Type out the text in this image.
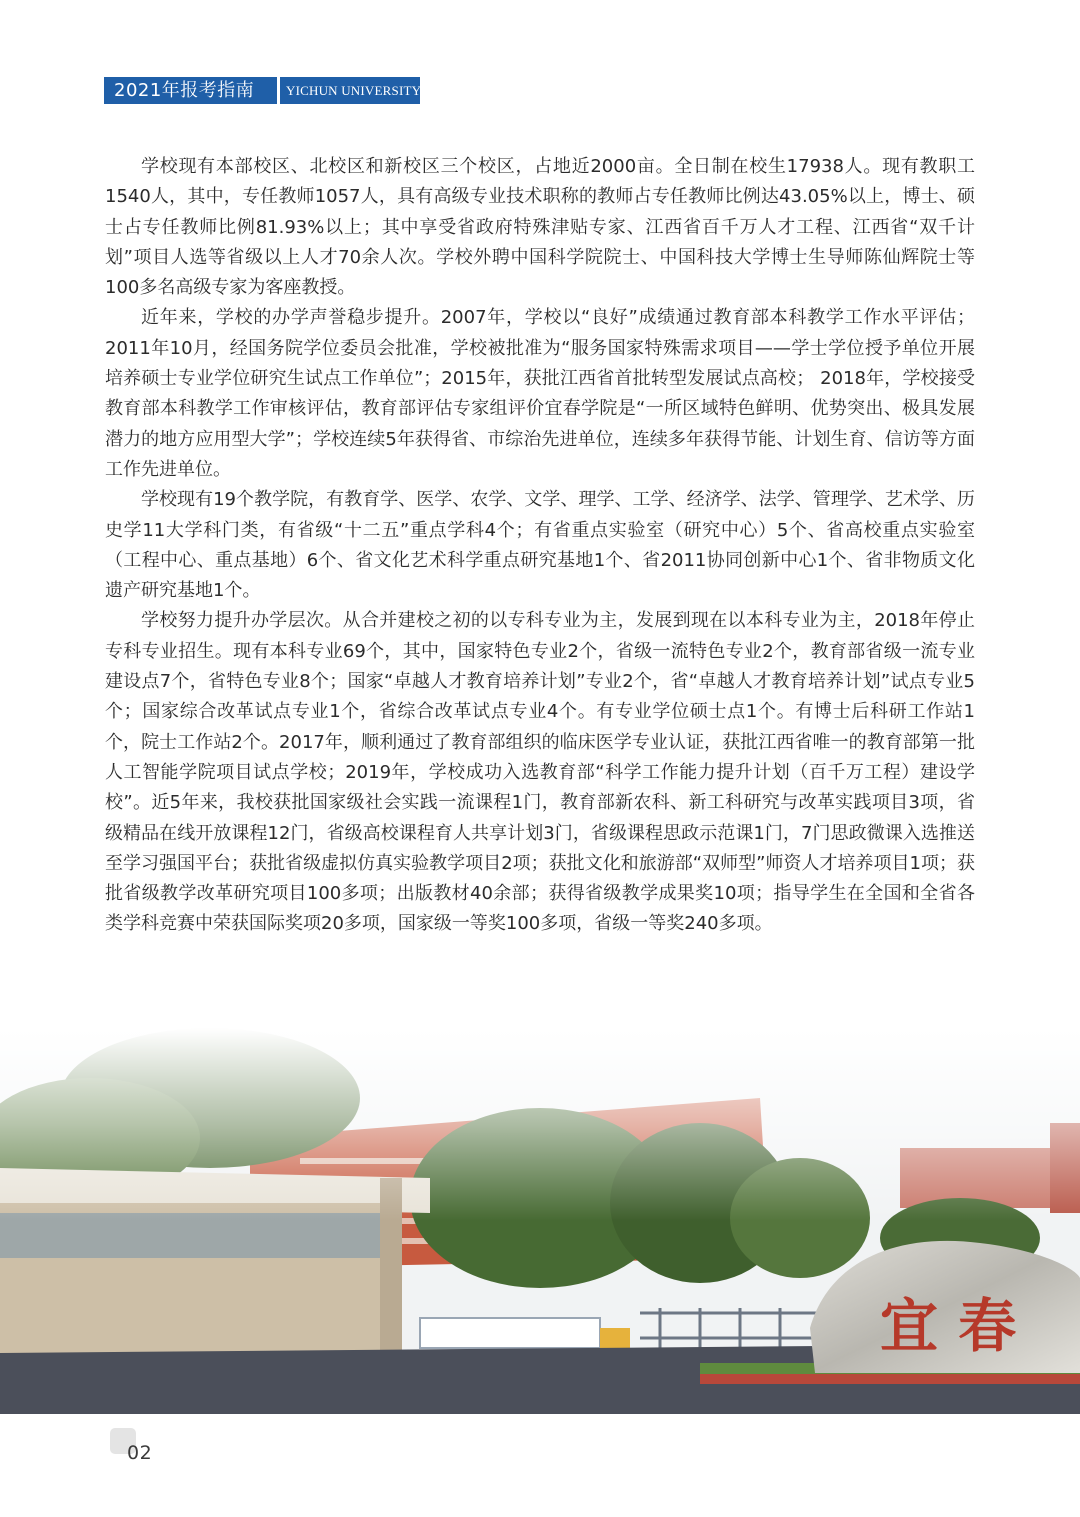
2021年报考指南	YICHUN UNIVERSITY

学校现有本部校区、北校区和新校区三个校区，占地近2000亩。全日制在校生17938人。现有教职工1540人，其中，专任教师1057人，具有高级专业技术职称的教师占专任教师比例达43.05%以上，博士、硕士占专任教师比例81.93%以上；其中享受省政府特殊津贴专家、江西省百千万人才工程、江西省“双千计划”项目人选等省级以上人才70余人次。学校外聘中国科学院院士、中国科技大学博士生导师陈仙辉院士等100多名高级专家为客座教授。

近年来，学校的办学声誉稳步提升。2007年，学校以“良好”成绩通过教育部本科教学工作水平评估；2011年10月，经国务院学位委员会批准，学校被批准为“服务国家特殊需求项目——学士学位授予单位开展培养硕士专业学位研究生试点工作单位”；2015年，获批江西省首批转型发展试点高校； 2018年，学校接受教育部本科教学工作审核评估，教育部评估专家组评价宜春学院是“一所区域特色鲜明、优势突出、极具发展潜力的地方应用型大学”；学校连续5年获得省、市综治先进单位，连续多年获得节能、计划生育、信访等方面工作先进单位。

学校现有19个教学院，有教育学、医学、农学、文学、理学、工学、经济学、法学、管理学、艺术学、历史学11大学科门类，有省级“十二五”重点学科4个；有省重点实验室（研究中心）5个、省高校重点实验室（工程中心、重点基地）6个、省文化艺术科学重点研究基地1个、省2011协同创新中心1个、省非物质文化遗产研究基地1个。

学校努力提升办学层次。从合并建校之初的以专科专业为主，发展到现在以本科专业为主，2018年停止专科专业招生。现有本科专业69个，其中，国家特色专业2个，省级一流特色专业2个，教育部省级一流专业建设点7个，省特色专业8个；国家“卓越人才教育培养计划”专业2个，省“卓越人才教育培养计划”试点专业5个；国家综合改革试点专业1个，省综合改革试点专业4个。有专业学位硕士点1个。有博士后科研工作站1个，院士工作站2个。2017年，顺利通过了教育部组织的临床医学专业认证，获批江西省唯一的教育部第一批人工智能学院项目试点学校；2019年，学校成功入选教育部“科学工作能力提升计划（百千万工程）建设学校”。近5年来，我校获批国家级社会实践一流课程1门，教育部新农科、新工科研究与改革实践项目3项，省级精品在线开放课程12门，省级高校课程育人共享计划3门，省级课程思政示范课1门，7门思政微课入选推送至学习强国平台；获批省级虚拟仿真实验教学项目2项；获批文化和旅游部“双师型”师资人才培养项目1项；获批省级教学改革研究项目100多项；出版教材40余部；获得省级教学成果奖10项；指导学生在全国和全省各类学科竞赛中荣获国际奖项20多项，国家级一等奖100多项，省级一等奖240多项。

02
